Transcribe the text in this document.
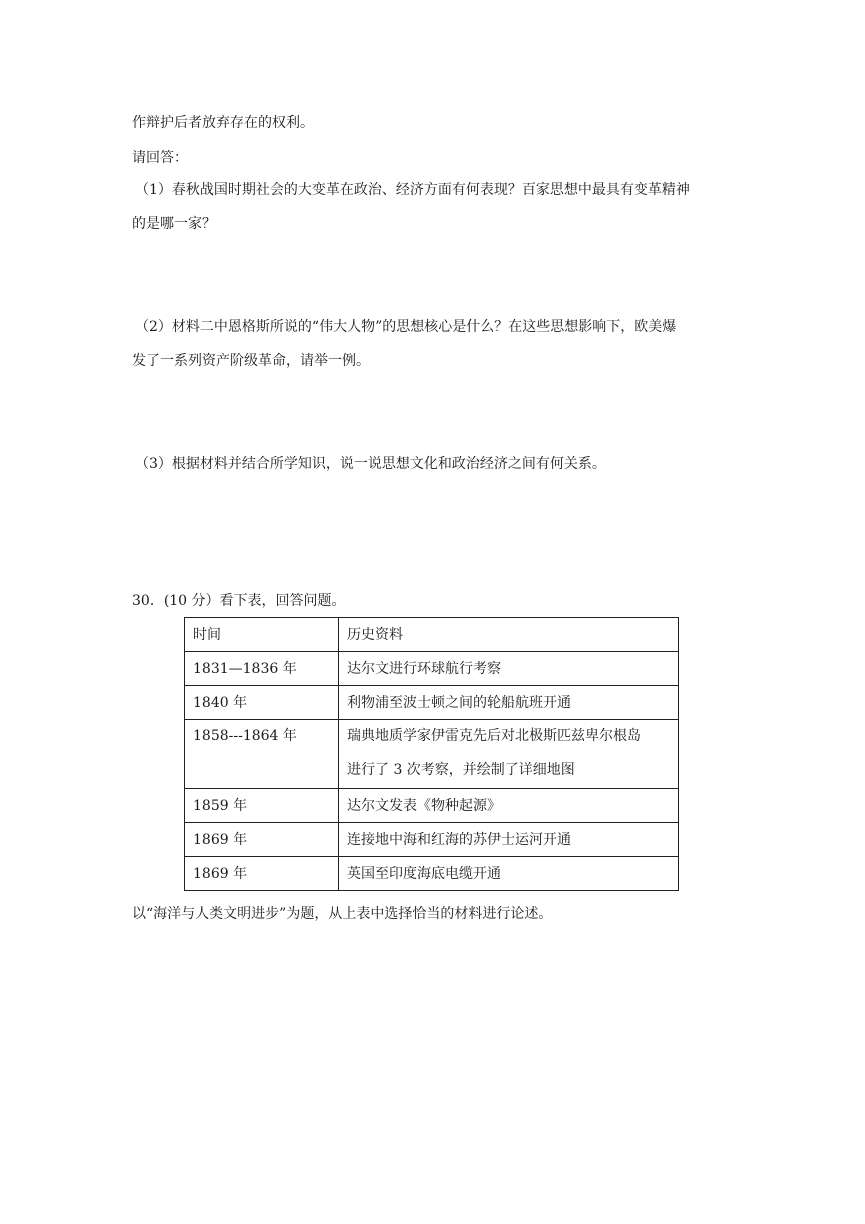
作辩护后者放弃存在的权利。
请回答：
（1）春秋战国时期社会的大变革在政治、经济方面有何表现？百家思想中最具有变革精神
的是哪一家？
（2）材料二中恩格斯所说的“伟大人物”的思想核心是什么？在这些思想影响下，欧美爆
发了一系列资产阶级革命，请举一例。
（3）根据材料并结合所学知识，说一说思想文化和政治经济之间有何关系。
30．(10 分）看下表，回答问题。
时间	历史资料
1831—1836 年	达尔文进行环球航行考察
1840 年	利物浦至波士顿之间的轮船航班开通
1858---1864 年	瑞典地质学家伊雷克先后对北极斯匹兹卑尔根岛
进行了 3 次考察，并绘制了详细地图

1859 年	达尔文发表《物种起源》
1869 年	连接地中海和红海的苏伊士运河开通
1869 年	英国至印度海底电缆开通
以“海洋与人类文明进步”为题，从上表中选择恰当的材料进行论述。
